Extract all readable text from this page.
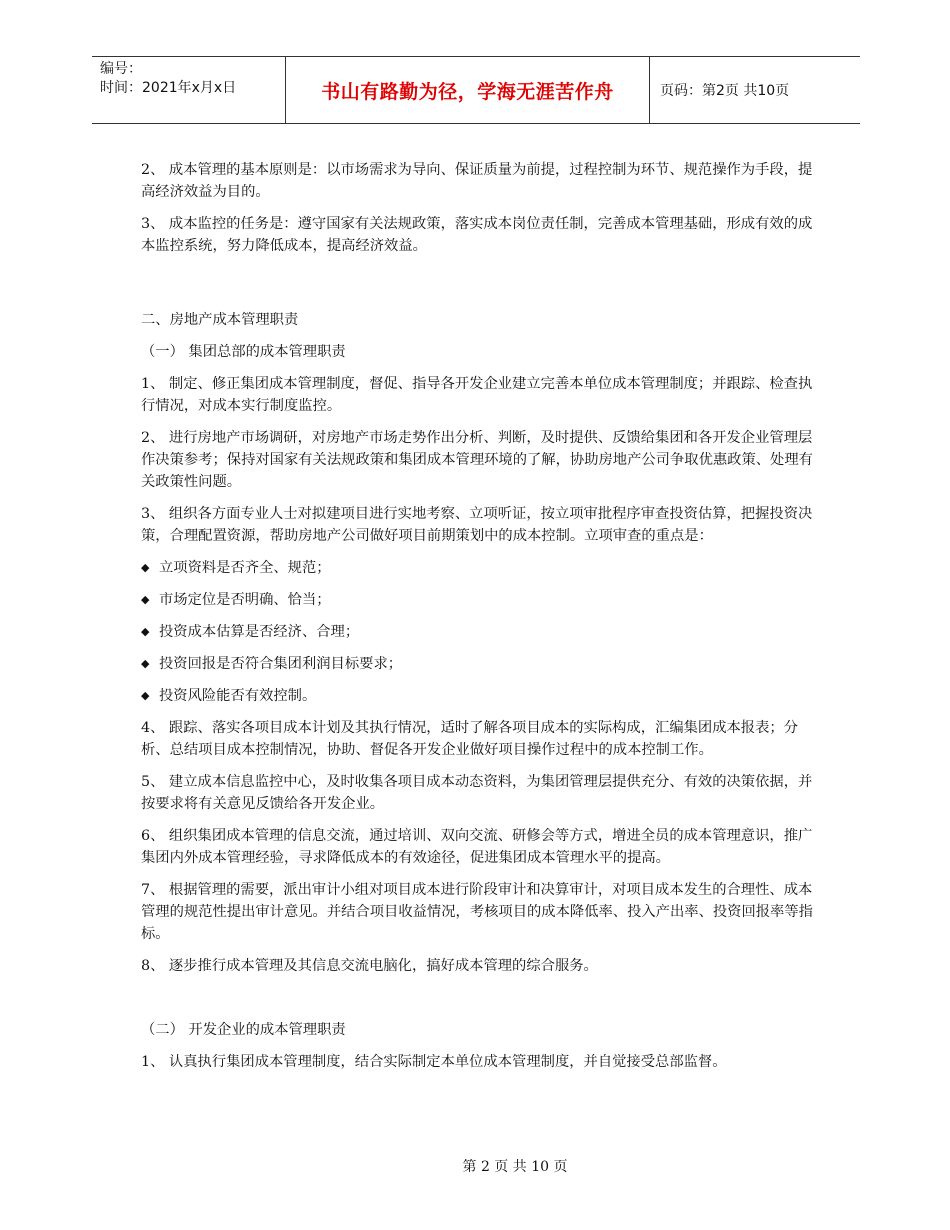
编号：
时间：2021年x月x日	书山有路勤为径，学海无涯苦作舟	页码：第2页 共10页

2、 成本管理的基本原则是：以市场需求为导向、保证质量为前提，过程控制为环节、规范操作为手段，提高经济效益为目的。

3、 成本监控的任务是：遵守国家有关法规政策，落实成本岗位责任制，完善成本管理基础，形成有效的成本监控系统，努力降低成本，提高经济效益。

二、房地产成本管理职责

（一） 集团总部的成本管理职责

1、 制定、修正集团成本管理制度，督促、指导各开发企业建立完善本单位成本管理制度；并跟踪、检查执行情况，对成本实行制度监控。

2、 进行房地产市场调研，对房地产市场走势作出分析、判断，及时提供、反馈给集团和各开发企业管理层作决策参考；保持对国家有关法规政策和集团成本管理环境的了解，协助房地产公司争取优惠政策、处理有关政策性问题。

3、 组织各方面专业人士对拟建项目进行实地考察、立项听证，按立项审批程序审查投资估算，把握投资决策，合理配置资源，帮助房地产公司做好项目前期策划中的成本控制。立项审查的重点是：

◆ 立项资料是否齐全、规范；
◆ 市场定位是否明确、恰当；
◆ 投资成本估算是否经济、合理；
◆ 投资回报是否符合集团利润目标要求；
◆ 投资风险能否有效控制。

4、 跟踪、落实各项目成本计划及其执行情况，适时了解各项目成本的实际构成，汇编集团成本报表；分析、总结项目成本控制情况，协助、督促各开发企业做好项目操作过程中的成本控制工作。

5、 建立成本信息监控中心，及时收集各项目成本动态资料，为集团管理层提供充分、有效的决策依据，并按要求将有关意见反馈给各开发企业。

6、 组织集团成本管理的信息交流，通过培训、双向交流、研修会等方式，增进全员的成本管理意识，推广集团内外成本管理经验，寻求降低成本的有效途径，促进集团成本管理水平的提高。

7、 根据管理的需要，派出审计小组对项目成本进行阶段审计和决算审计，对项目成本发生的合理性、成本管理的规范性提出审计意见。并结合项目收益情况，考核项目的成本降低率、投入产出率、投资回报率等指标。

8、 逐步推行成本管理及其信息交流电脑化，搞好成本管理的综合服务。

（二） 开发企业的成本管理职责

1、 认真执行集团成本管理制度，结合实际制定本单位成本管理制度，并自觉接受总部监督。

第 2 页 共 10 页
